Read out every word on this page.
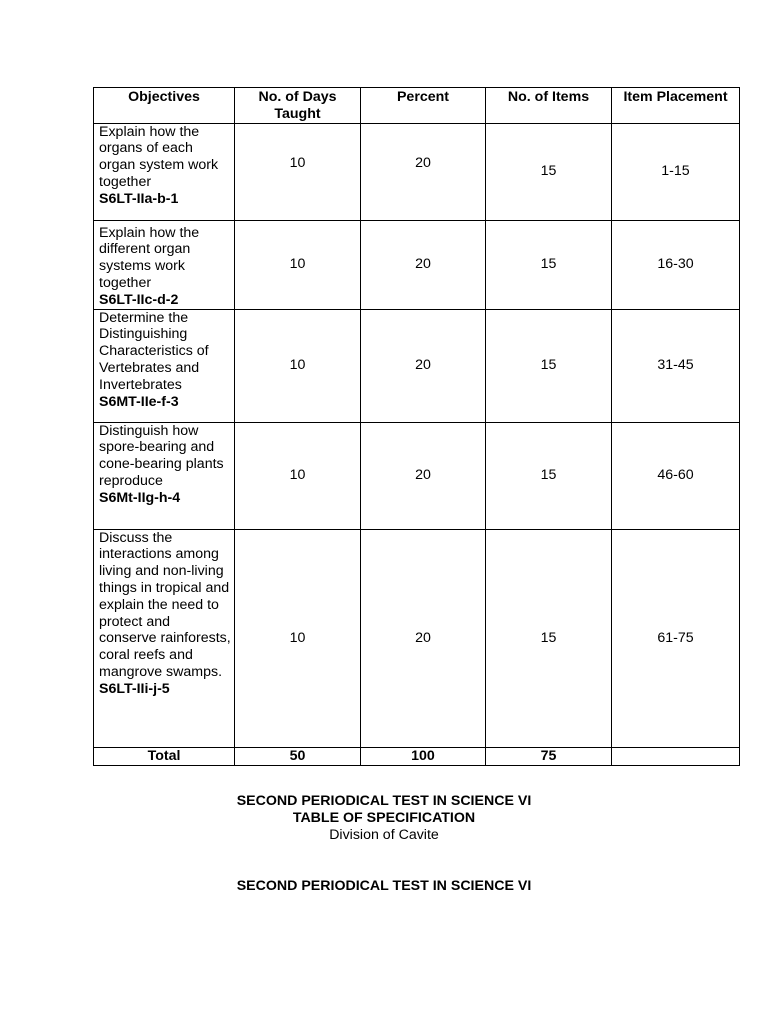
Objectives	No. of Days Taught	Percent	No. of Items	Item Placement

Explain how the organs of each organ system work together
S6LT-IIa-b-1	10	20	15	1-15

Explain how the different organ systems work together
S6LT-IIc-d-2	10	20	15	16-30

Determine the Distinguishing Characteristics of Vertebrates and Invertebrates
S6MT-IIe-f-3	10	20	15	31-45

Distinguish how spore-bearing and cone-bearing plants reproduce
S6Mt-IIg-h-4	10	20	15	46-60

Discuss the interactions among living and non-living things in tropical and explain the need to protect and conserve rainforests, coral reefs and mangrove swamps.
S6LT-IIi-j-5	10	20	15	61-75
Total	50	100	75	
SECOND PERIODICAL TEST IN SCIENCE VI
TABLE OF SPECIFICATION
Division of Cavite
SECOND PERIODICAL TEST IN SCIENCE VI
